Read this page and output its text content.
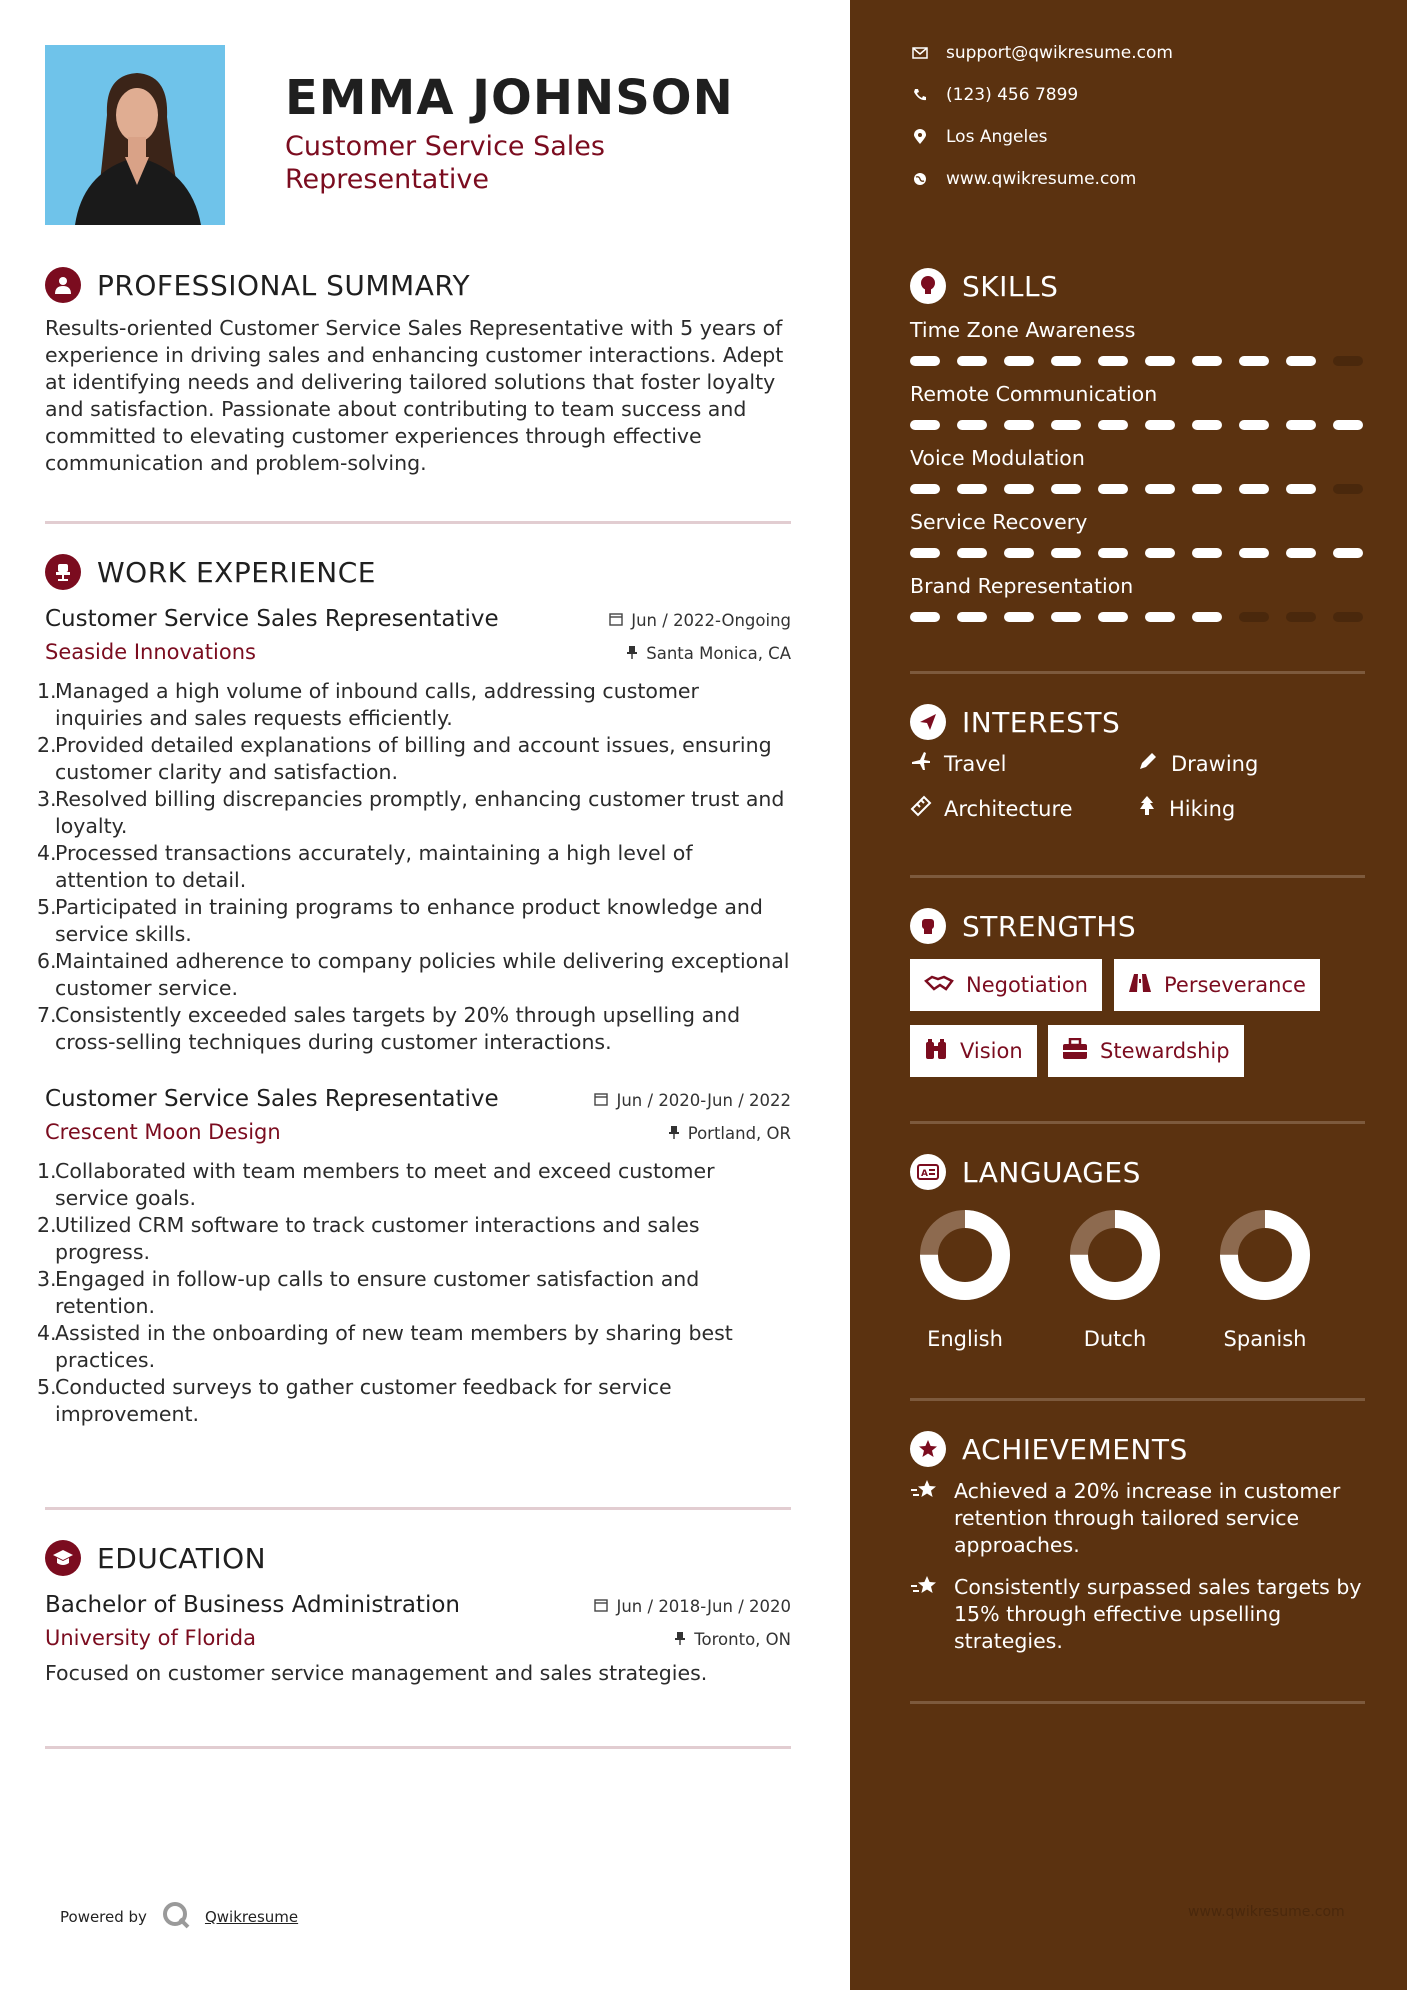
EMMA JOHNSON
Customer Service Sales Representative
PROFESSIONAL SUMMARY

Results-oriented Customer Service Sales Representative with 5 years of experience in driving sales and enhancing customer interactions. Adept at identifying needs and delivering tailored solutions that foster loyalty and satisfaction. Passionate about contributing to team success and committed to elevating customer experiences through effective communication and problem-solving.

WORK EXPERIENCE
Customer Service Sales Representative	Jun / 2022-Ongoing
Seaside Innovations	Santa Monica, CA
1.Managed a high volume of inbound calls, addressing customer inquiries and sales requests efficiently.
2.Provided detailed explanations of billing and account issues, ensuring customer clarity and satisfaction.
3.Resolved billing discrepancies promptly, enhancing customer trust and loyalty.
4.Processed transactions accurately, maintaining a high level of attention to detail.
5.Participated in training programs to enhance product knowledge and service skills.
6.Maintained adherence to company policies while delivering exceptional customer service.
7.Consistently exceeded sales targets by 20% through upselling and cross-selling techniques during customer interactions.
Customer Service Sales Representative	Jun / 2020-Jun / 2022
Crescent Moon Design	Portland, OR
1.Collaborated with team members to meet and exceed customer service goals.
2.Utilized CRM software to track customer interactions and sales progress.
3.Engaged in follow-up calls to ensure customer satisfaction and retention.
4.Assisted in the onboarding of new team members by sharing best practices.
5.Conducted surveys to gather customer feedback for service improvement.
EDUCATION
Bachelor of Business Administration	Jun / 2018-Jun / 2020
University of Florida	Toronto, ON

Focused on customer service management and sales strategies.

Powered by	Qwikresume
support@qwikresume.com
(123) 456 7899
Los Angeles
www.qwikresume.com
SKILLS
Time Zone Awareness
Remote Communication
Voice Modulation
Service Recovery
Brand Representation
INTERESTS
Travel	Drawing
Architecture	Hiking
STRENGTHS
Negotiation	Perseverance
Vision	Stewardship
A LANGUAGES
English	Dutch	Spanish
ACHIEVEMENTS
Achieved a 20% increase in customer retention through tailored service approaches.
Consistently surpassed sales targets by 15% through effective upselling strategies.
www.qwikresume.com
